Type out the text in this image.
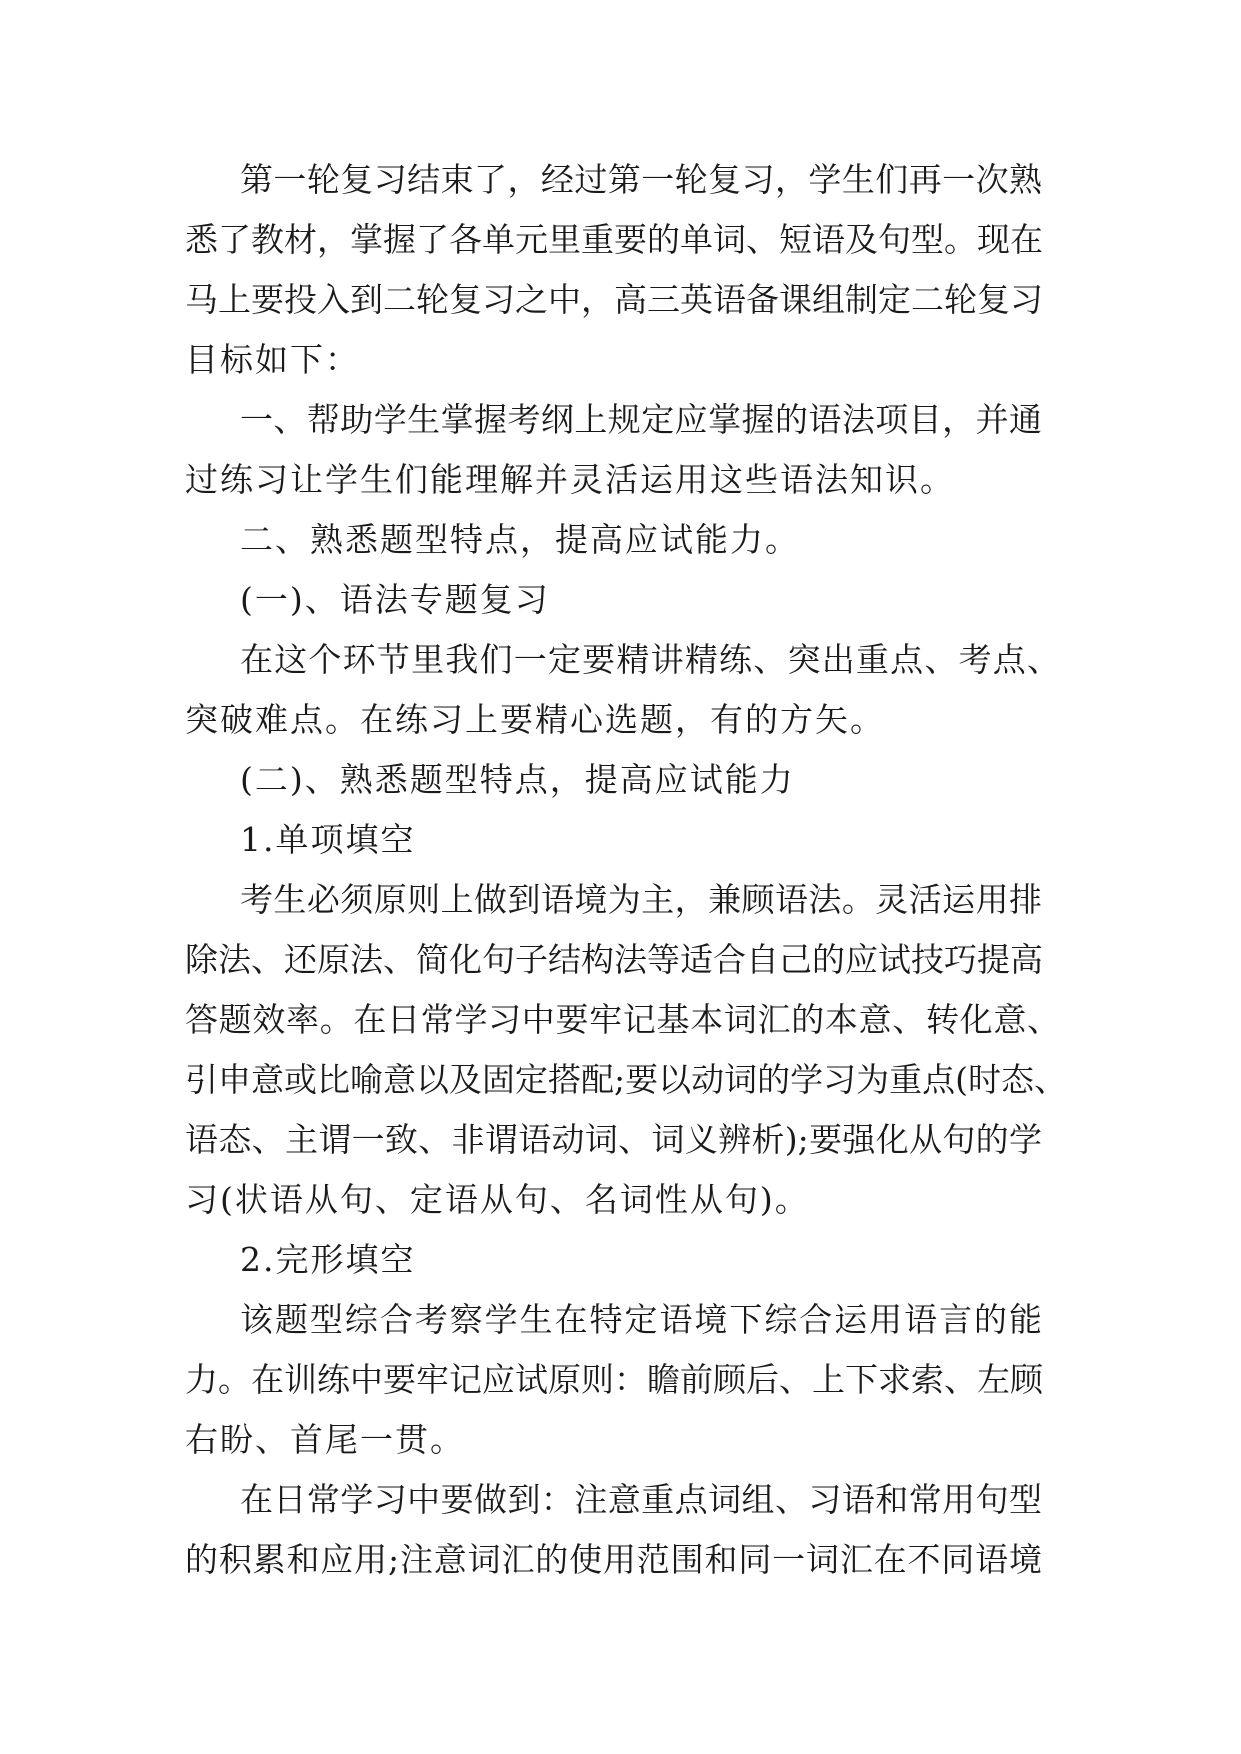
第一轮复习结束了，经过第一轮复习，学生们再一次熟
悉了教材，掌握了各单元里重要的单词、短语及句型。现在
马上要投入到二轮复习之中，高三英语备课组制定二轮复习
目标如下：
一、帮助学生掌握考纲上规定应掌握的语法项目，并通
过练习让学生们能理解并灵活运用这些语法知识。
二、熟悉题型特点，提高应试能力。
(一)、语法专题复习
在这个环节里我们一定要精讲精练、突出重点、考点、
突破难点。在练习上要精心选题，有的方矢。
(二)、熟悉题型特点，提高应试能力
1.单项填空
考生必须原则上做到语境为主，兼顾语法。灵活运用排
除法、还原法、简化句子结构法等适合自己的应试技巧提高
答题效率。在日常学习中要牢记基本词汇的本意、转化意、
引申意或比喻意以及固定搭配;要以动词的学习为重点(时态、
语态、主谓一致、非谓语动词、词义辨析);要强化从句的学
习(状语从句、定语从句、名词性从句)。
2.完形填空
该题型综合考察学生在特定语境下综合运用语言的能
力。在训练中要牢记应试原则：瞻前顾后、上下求索、左顾
右盼、首尾一贯。
在日常学习中要做到：注意重点词组、习语和常用句型
的积累和应用;注意词汇的使用范围和同一词汇在不同语境
